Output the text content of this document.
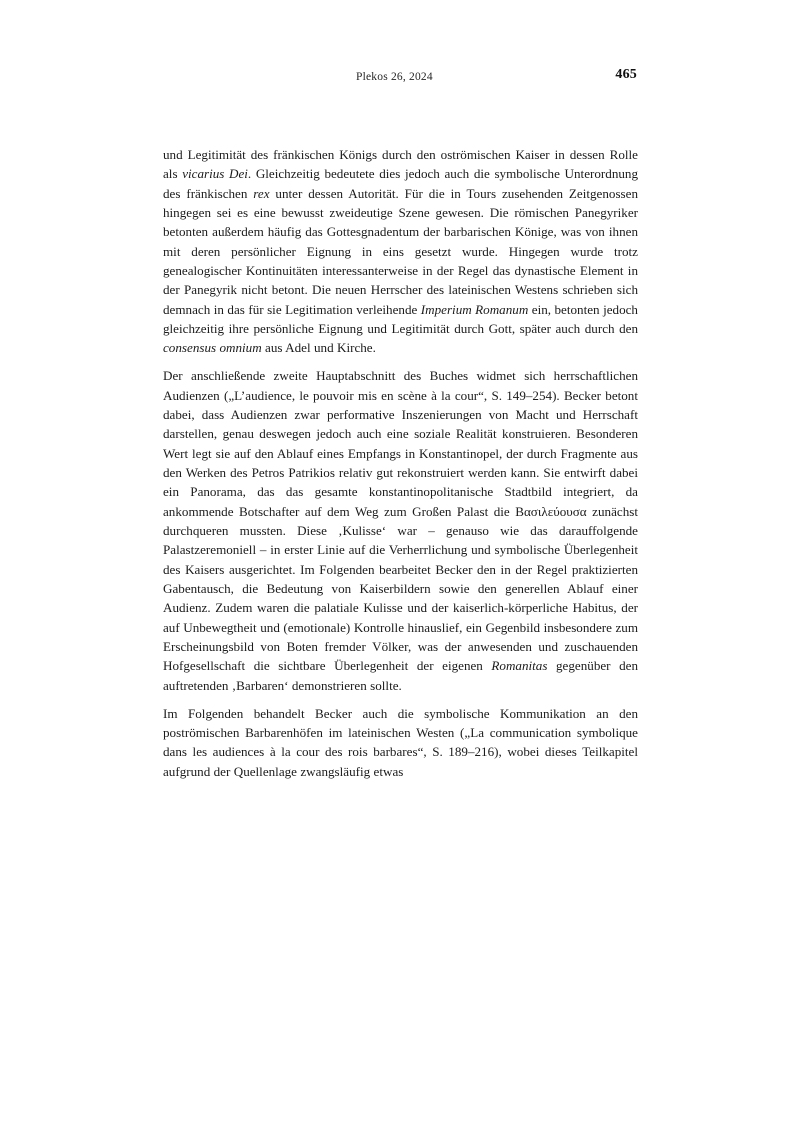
Plekos 26, 2024	465

und Legitimität des fränkischen Königs durch den oströmischen Kaiser in dessen Rolle als vicarius Dei. Gleichzeitig bedeutete dies jedoch auch die symbolische Unterordnung des fränkischen rex unter dessen Autorität. Für die in Tours zusehenden Zeitgenossen hingegen sei es eine bewusst zweideutige Szene gewesen. Die römischen Panegyriker betonten außerdem häufig das Gottesgnadentum der barbarischen Könige, was von ihnen mit deren persönlicher Eignung in eins gesetzt wurde. Hingegen wurde trotz genealogischer Kontinuitäten interessanterweise in der Regel das dynastische Element in der Panegyrik nicht betont. Die neuen Herrscher des lateinischen Westens schrieben sich demnach in das für sie Legitimation verleihende Imperium Romanum ein, betonten jedoch gleichzeitig ihre persönliche Eignung und Legitimität durch Gott, später auch durch den consensus omnium aus Adel und Kirche.

Der anschließende zweite Hauptabschnitt des Buches widmet sich herrschaftlichen Audienzen („L’audience, le pouvoir mis en scène à la cour“, S. 149–254). Becker betont dabei, dass Audienzen zwar performative Inszenierungen von Macht und Herrschaft darstellen, genau deswegen jedoch auch eine soziale Realität konstruieren. Besonderen Wert legt sie auf den Ablauf eines Empfangs in Konstantinopel, der durch Fragmente aus den Werken des Petros Patrikios relativ gut rekonstruiert werden kann. Sie entwirft dabei ein Panorama, das das gesamte konstantinopolitanische Stadtbild integriert, da ankommende Botschafter auf dem Weg zum Großen Palast die Βασιλεύουσα zunächst durchqueren mussten. Diese ‚Kulisse‘ war – genauso wie das darauffolgende Palastzeremoniell – in erster Linie auf die Verherrlichung und symbolische Überlegenheit des Kaisers ausgerichtet. Im Folgenden bearbeitet Becker den in der Regel praktizierten Gabentausch, die Bedeutung von Kaiserbildern sowie den generellen Ablauf einer Audienz. Zudem waren die palatiale Kulisse und der kaiserlich-körperliche Habitus, der auf Unbewegtheit und (emotionale) Kontrolle hinauslief, ein Gegenbild insbesondere zum Erscheinungsbild von Boten fremder Völker, was der anwesenden und zuschauenden Hofgesellschaft die sichtbare Überlegenheit der eigenen Romanitas gegenüber den auftretenden ‚Barbaren‘ demonstrieren sollte.

Im Folgenden behandelt Becker auch die symbolische Kommunikation an den poströmischen Barbarenhöfen im lateinischen Westen („La communication symbolique dans les audiences à la cour des rois barbares“, S. 189–216), wobei dieses Teilkapitel aufgrund der Quellenlage zwangsläufig etwas
